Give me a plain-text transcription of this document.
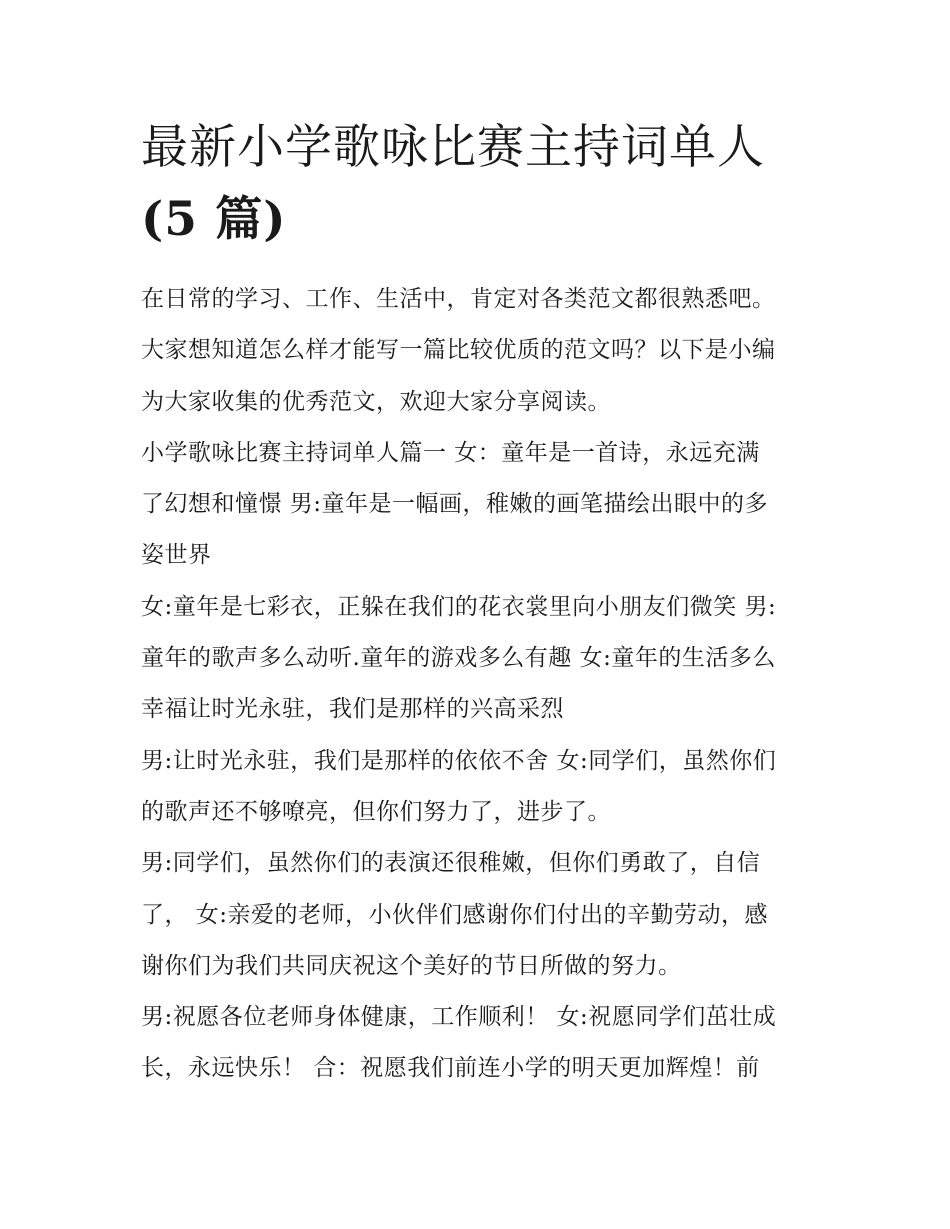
最新小学歌咏比赛主持词单人
(5 篇)

在日常的学习、工作、生活中，肯定对各类范文都很熟悉吧。
大家想知道怎么样才能写一篇比较优质的范文吗？以下是小编
为大家收集的优秀范文，欢迎大家分享阅读。

小学歌咏比赛主持词单人篇一 女：童年是一首诗，永远充满
了幻想和憧憬 男:童年是一幅画，稚嫩的画笔描绘出眼中的多
姿世界

女:童年是七彩衣，正躲在我们的花衣裳里向小朋友们微笑 男:
童年的歌声多么动听.童年的游戏多么有趣 女:童年的生活多么
幸福让时光永驻，我们是那样的兴高采烈

男:让时光永驻，我们是那样的依依不舍 女:同学们，虽然你们
的歌声还不够嘹亮，但你们努力了，进步了。

男:同学们，虽然你们的表演还很稚嫩，但你们勇敢了，自信
了， 女:亲爱的老师，小伙伴们感谢你们付出的辛勤劳动，感
谢你们为我们共同庆祝这个美好的节日所做的努力。

男:祝愿各位老师身体健康，工作顺利！ 女:祝愿同学们茁壮成
长，永远快乐！ 合：祝愿我们前连小学的明天更加辉煌！前
